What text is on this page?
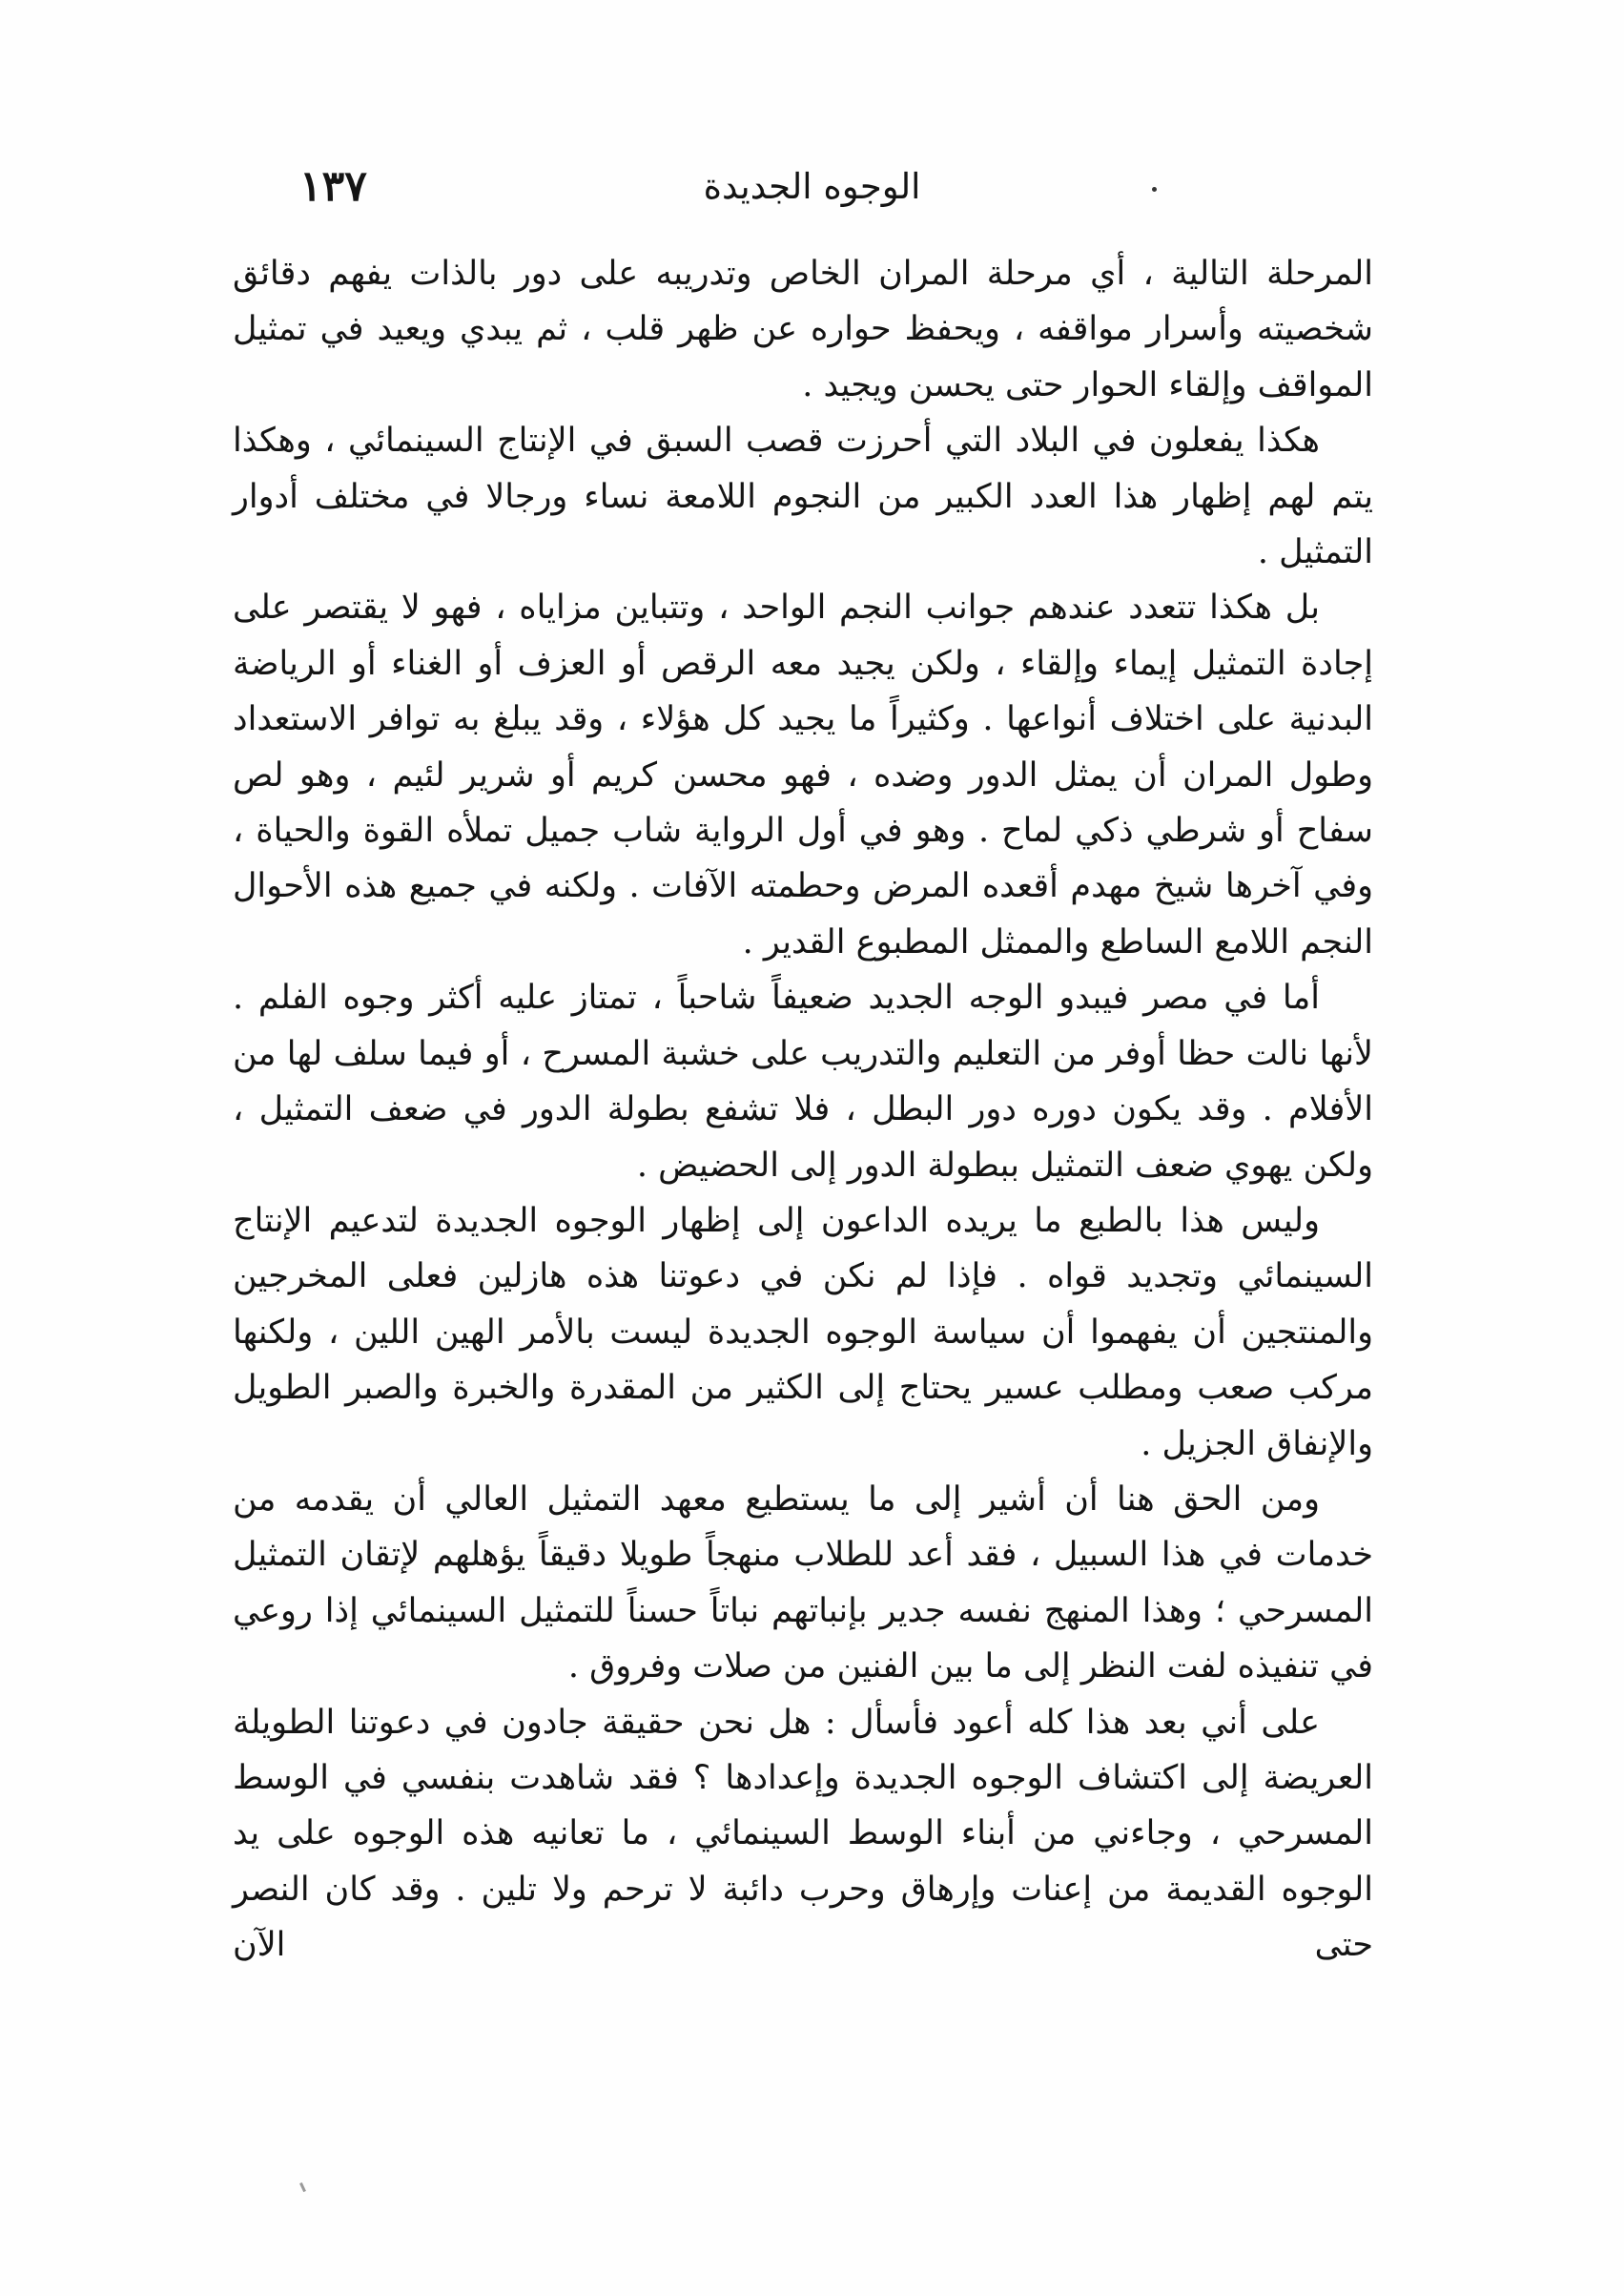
الوجوه الجديدة
١٣٧

المرحلة التالية ، أي مرحلة المران الخاص وتدريبه على دور بالذات يفهم دقائق شخصيته وأسرار مواقفه ، ويحفظ حواره عن ظهر قلب ، ثم يبدي ويعيد في تمثيل المواقف وإلقاء الحوار حتى يحسن ويجيد .

هكذا يفعلون في البلاد التي أحرزت قصب السبق في الإنتاج السينمائي ، وهكذا يتم لهم إظهار هذا العدد الكبير من النجوم اللامعة نساء ورجالا في مختلف أدوار التمثيل .

بل هكذا تتعدد عندهم جوانب النجم الواحد ، وتتباين مزاياه ، فهو لا يقتصر على إجادة التمثيل إيماء وإلقاء ، ولكن يجيد معه الرقص أو العزف أو الغناء أو الرياضة البدنية على اختلاف أنواعها . وكثيراً ما يجيد كل هؤلاء ، وقد يبلغ به توافر الاستعداد وطول المران أن يمثل الدور وضده ، فهو محسن كريم أو شرير لئيم ، وهو لص سفاح أو شرطي ذكي لماح . وهو في أول الرواية شاب جميل تملأه القوة والحياة ، وفي آخرها شيخ مهدم أقعده المرض وحطمته الآفات . ولكنه في جميع هذه الأحوال النجم اللامع الساطع والممثل المطبوع القدير .

أما في مصر فيبدو الوجه الجديد ضعيفاً شاحباً ، تمتاز عليه أكثر وجوه الفلم . لأنها نالت حظا أوفر من التعليم والتدريب على خشبة المسرح ، أو فيما سلف لها من الأفلام . وقد يكون دوره دور البطل ، فلا تشفع بطولة الدور في ضعف التمثيل ، ولكن يهوي ضعف التمثيل ببطولة الدور إلى الحضيض .

وليس هذا بالطبع ما يريده الداعون إلى إظهار الوجوه الجديدة لتدعيم الإنتاج السينمائي وتجديد قواه . فإذا لم نكن في دعوتنا هذه هازلين فعلى المخرجين والمنتجين أن يفهموا أن سياسة الوجوه الجديدة ليست بالأمر الهين اللين ، ولكنها مركب صعب ومطلب عسير يحتاج إلى الكثير من المقدرة والخبرة والصبر الطويل والإنفاق الجزيل .

ومن الحق هنا أن أشير إلى ما يستطيع معهد التمثيل العالي أن يقدمه من خدمات في هذا السبيل ، فقد أعد للطلاب منهجاً طويلا دقيقاً يؤهلهم لإتقان التمثيل المسرحي ؛ وهذا المنهج نفسه جدير بإنباتهم نباتاً حسناً للتمثيل السينمائي إذا روعي في تنفيذه لفت النظر إلى ما بين الفنين من صلات وفروق .

على أني بعد هذا كله أعود فأسأل : هل نحن حقيقة جادون في دعوتنا الطويلة العريضة إلى اكتشاف الوجوه الجديدة وإعدادها ؟ فقد شاهدت بنفسي في الوسط المسرحي ، وجاءني من أبناء الوسط السينمائي ، ما تعانيه هذه الوجوه على يد الوجوه القديمة من إعنات وإرهاق وحرب دائبة لا ترحم ولا تلين . وقد كان النصر حتى الآن
